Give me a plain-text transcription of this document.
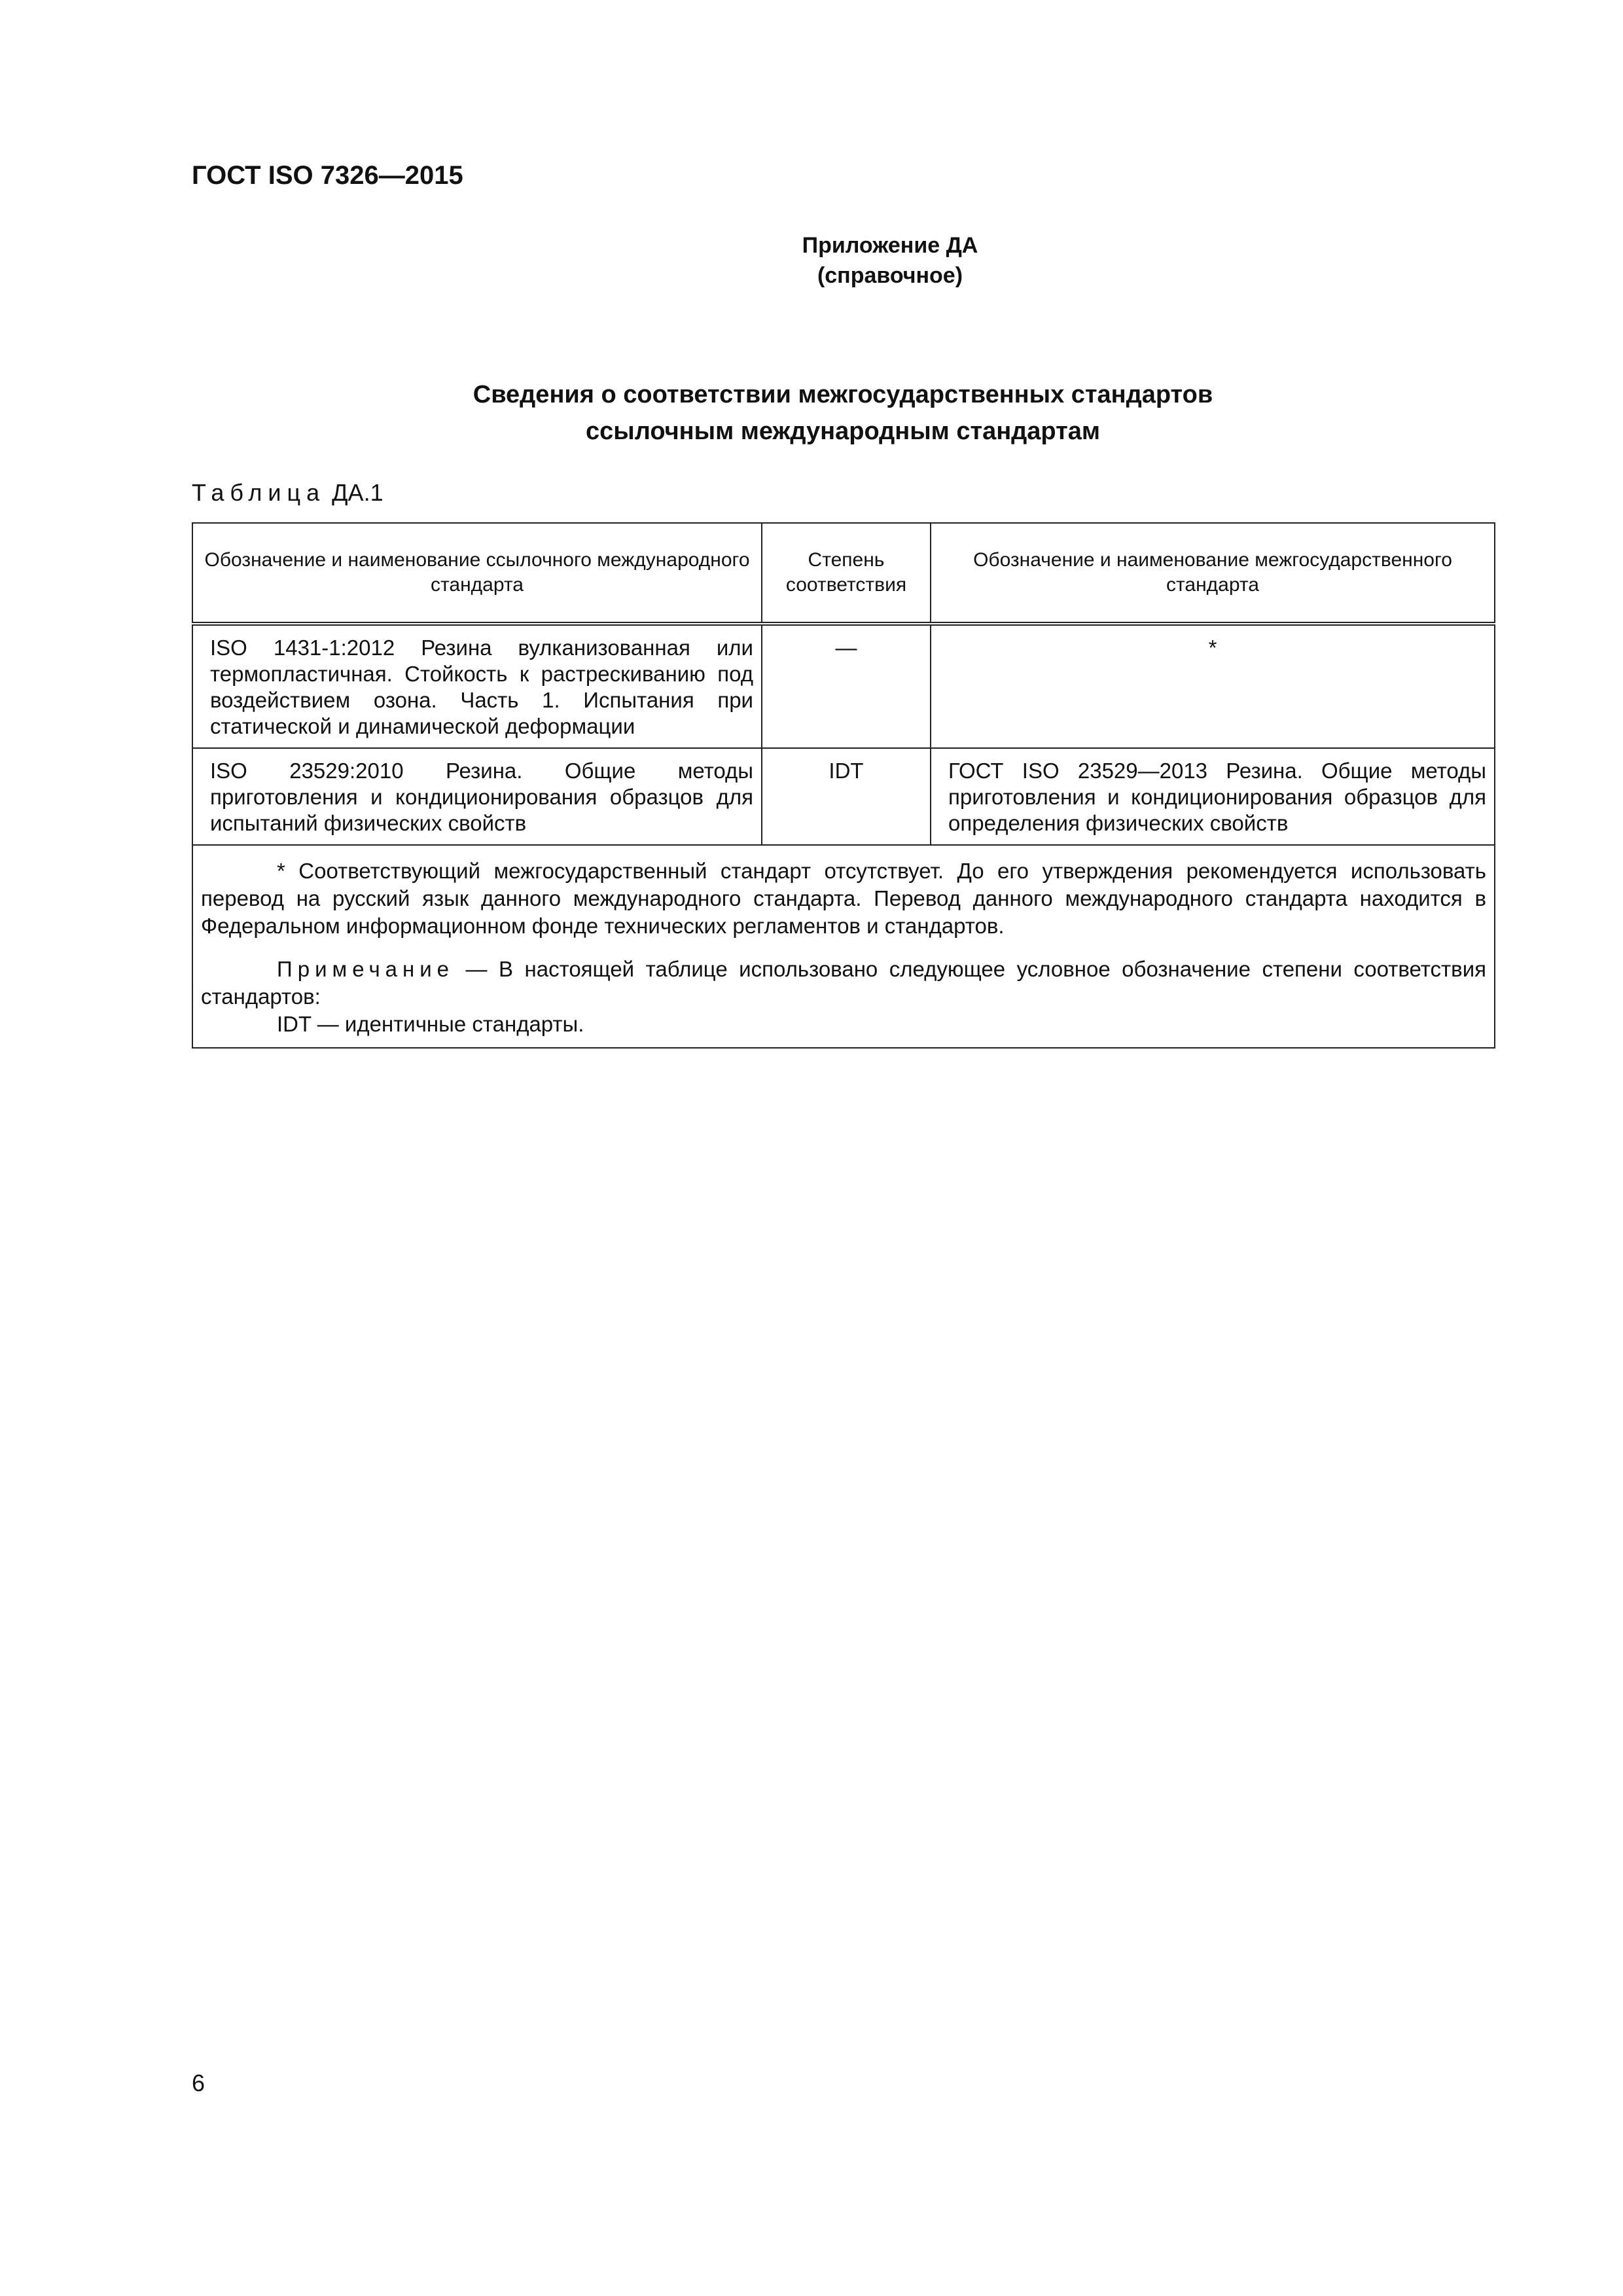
ГОСТ ISO 7326—2015
Приложение ДА
(справочное)
Сведения о соответствии межгосударственных стандартов
ссылочным международным стандартам
Таблица ДА.1
Обозначение и наименование ссылочного международного стандарта	Степень соответствия	Обозначение и наименование межгосударственного стандарта
ISO 1431-1:2012 Резина вулканизованная или термопластичная. Стойкость к растрескиванию под воздействием озона. Часть 1. Испытания при статической и динамической деформации	—	*
ISO 23529:2010 Резина. Общие методы приготовления и кондиционирования образцов для испытаний физических свойств	IDT	ГОСТ ISO 23529—2013 Резина. Общие методы приготовления и кондиционирования образцов для определения физических свойств

* Соответствующий межгосударственный стандарт отсутствует. До его утверждения рекомендуется использовать перевод на русский язык данного международного стандарта. Перевод данного международного стандарта находится в Федеральном информационном фонде технических регламентов и стандартов.

Примечание — В настоящей таблице использовано следующее условное обозначение степени соответствия стандартов:

IDT — идентичные стандарты.		

6
